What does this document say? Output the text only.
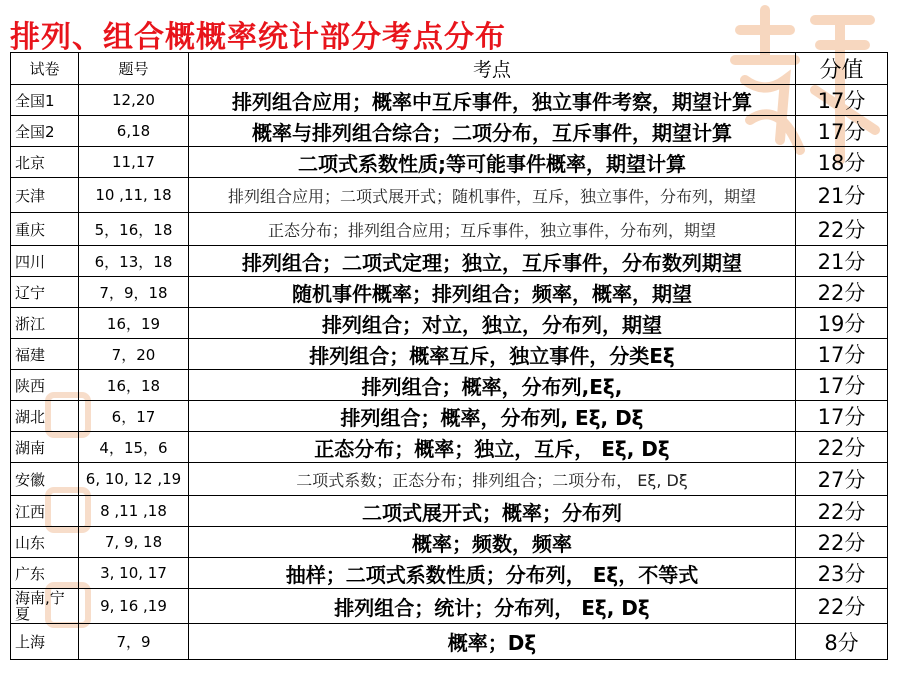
排列、组合概概率统计部分考点分布
试卷	题号	考点	分值
全国1	12,20	排列组合应用；概率中互斥事件，独立事件考察，期望计算	17分
全国2	6,18	概率与排列组合综合；二项分布，互斥事件，期望计算	17分
北京	11,17	二项式系数性质;等可能事件概率，期望计算	18分
天津	10 ,11, 18	排列组合应用；二项式展开式；随机事件，互斥，独立事件，分布列，期望	21分
重庆	5，16，18	正态分布；排列组合应用；互斥事件，独立事件，分布列，期望	22分
四川	6，13，18	排列组合；二项式定理；独立，互斥事件，分布数列期望	21分
辽宁	7，9，18	随机事件概率；排列组合；频率，概率，期望	22分
浙江	16，19	排列组合；对立，独立，分布列，期望	19分
福建	7，20	排列组合；概率互斥，独立事件，分类Eξ	17分
陕西	16，18	排列组合；概率，分布列,Eξ,	17分
湖北	6，17	排列组合；概率，分布列, Eξ, Dξ	17分
湖南	4，15，6	正态分布；概率；独立，互斥， Eξ, Dξ	22分
安徽	6, 10, 12 ,19	二项式系数；正态分布；排列组合；二项分布， Eξ, Dξ	27分
江西	8 ,11 ,18	二项式展开式；概率；分布列	22分
山东	7, 9, 18	概率；频数，频率	22分
广东	3, 10, 17	抽样；二项式系数性质；分布列， Eξ，不等式	23分
海南,宁夏	9, 16 ,19	排列组合；统计；分布列， Eξ, Dξ	22分
上海	7，9	概率；Dξ	8分
